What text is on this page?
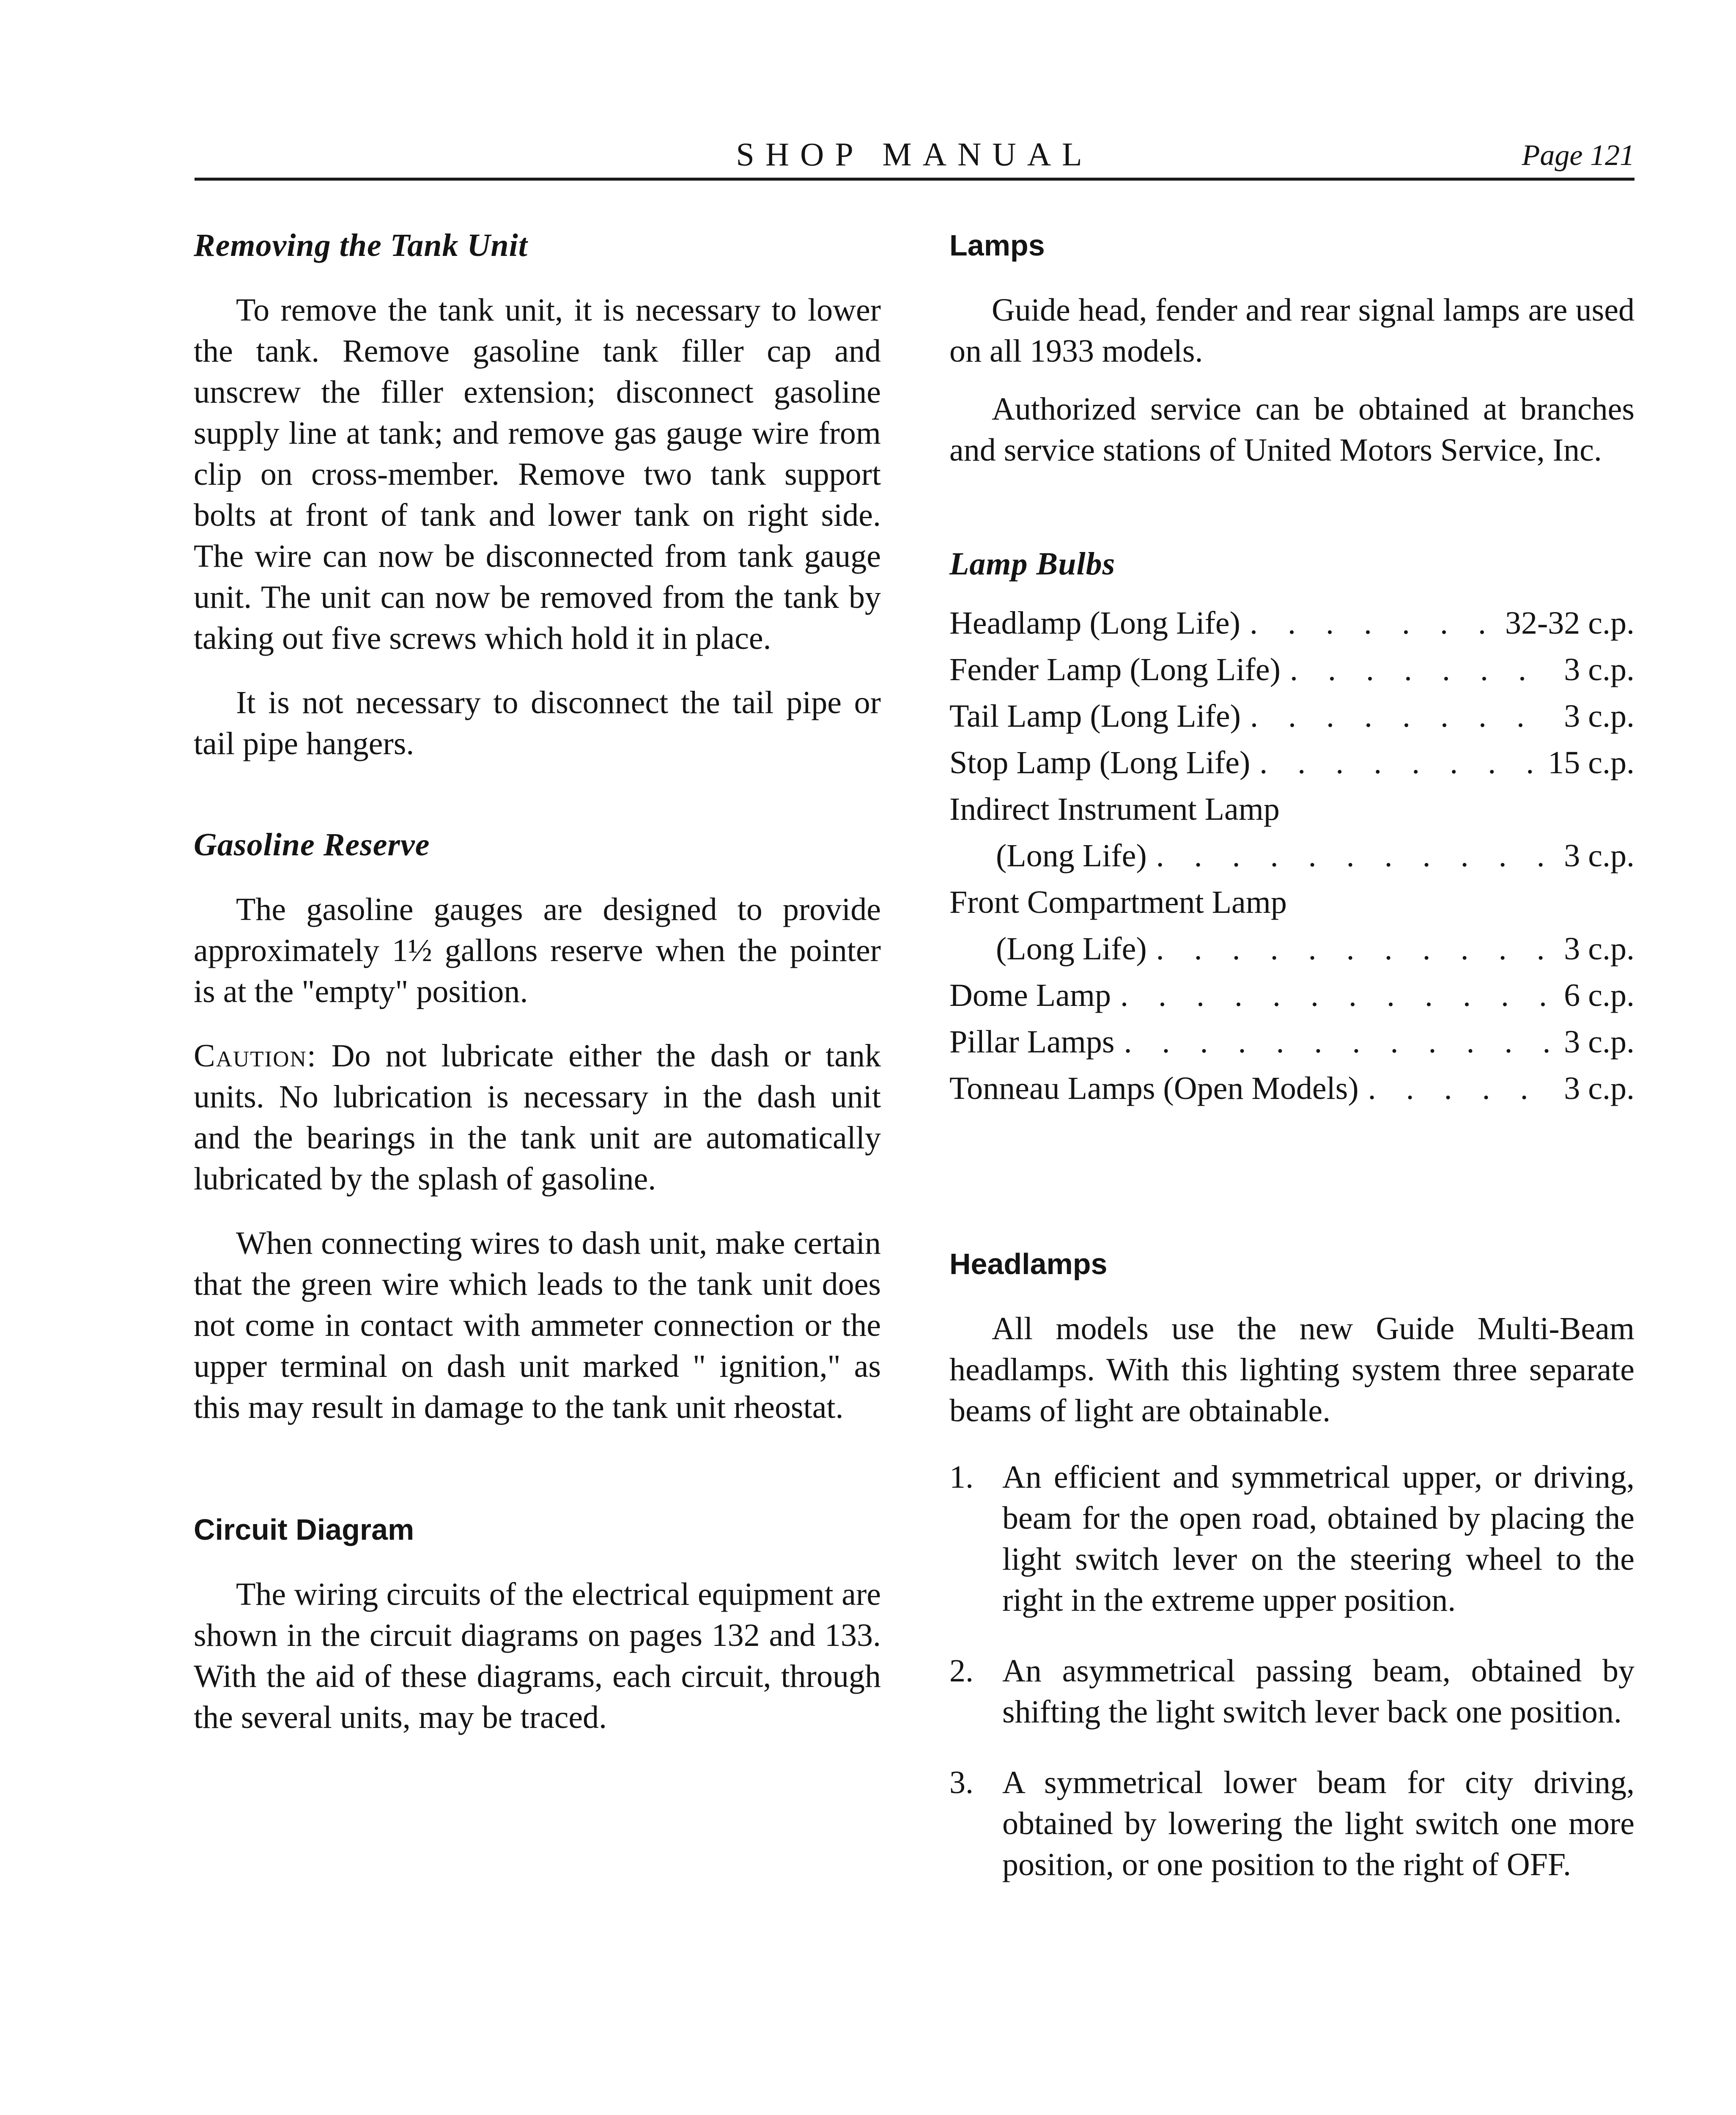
SHOP MANUAL	Page 121
Removing the Tank Unit

To remove the tank unit, it is necessary to lower the tank. Remove gasoline tank filler cap and unscrew the filler extension; disconnect gasoline supply line at tank; and remove gas gauge wire from clip on cross-member. Remove two tank support bolts at front of tank and lower tank on right side. The wire can now be disconnected from tank gauge unit. The unit can now be removed from the tank by taking out five screws which hold it in place.

It is not necessary to disconnect the tail pipe or tail pipe hangers.

Gasoline Reserve

The gasoline gauges are designed to provide approximately 1½ gallons reserve when the pointer is at the "empty" position.

Caution: Do not lubricate either the dash or tank units. No lubrication is necessary in the dash unit and the bearings in the tank unit are automatically lubricated by the splash of gasoline.

When connecting wires to dash unit, make certain that the green wire which leads to the tank unit does not come in contact with ammeter connection or the upper terminal on dash unit marked " ignition," as this may result in damage to the tank unit rheostat.

Circuit Diagram

The wiring circuits of the electrical equipment are shown in the circuit diagrams on pages 132 and 133. With the aid of these diagrams, each circuit, through the several units, may be traced.

Lamps

Guide head, fender and rear signal lamps are used on all 1933 models.

Authorized service can be obtained at branches and service stations of United Motors Service, Inc.

Lamp Bulbs
Headlamp (Long Life) . . .	32-32 c.p.
Fender Lamp (Long Life) . . .	3 c.p.
Tail Lamp (Long Life) . . .	3 c.p.
Stop Lamp (Long Life) . . .	15 c.p.
Indirect Instrument Lamp
(Long Life) . . .	3 c.p.
Front Compartment Lamp
(Long Life) . . .	3 c.p.
Dome Lamp . . .	6 c.p.
Pillar Lamps . . .	3 c.p.
Tonneau Lamps (Open Models) . . .	3 c.p.
Headlamps

All models use the new Guide Multi-Beam headlamps. With this lighting system three separate beams of light are obtainable.

1. An efficient and symmetrical upper, or driving, beam for the open road, obtained by placing the light switch lever on the steering wheel to the right in the extreme upper position.
2. An asymmetrical passing beam, obtained by shifting the light switch lever back one position.
3. A symmetrical lower beam for city driving, obtained by lowering the light switch one more position, or one position to the right of OFF.
